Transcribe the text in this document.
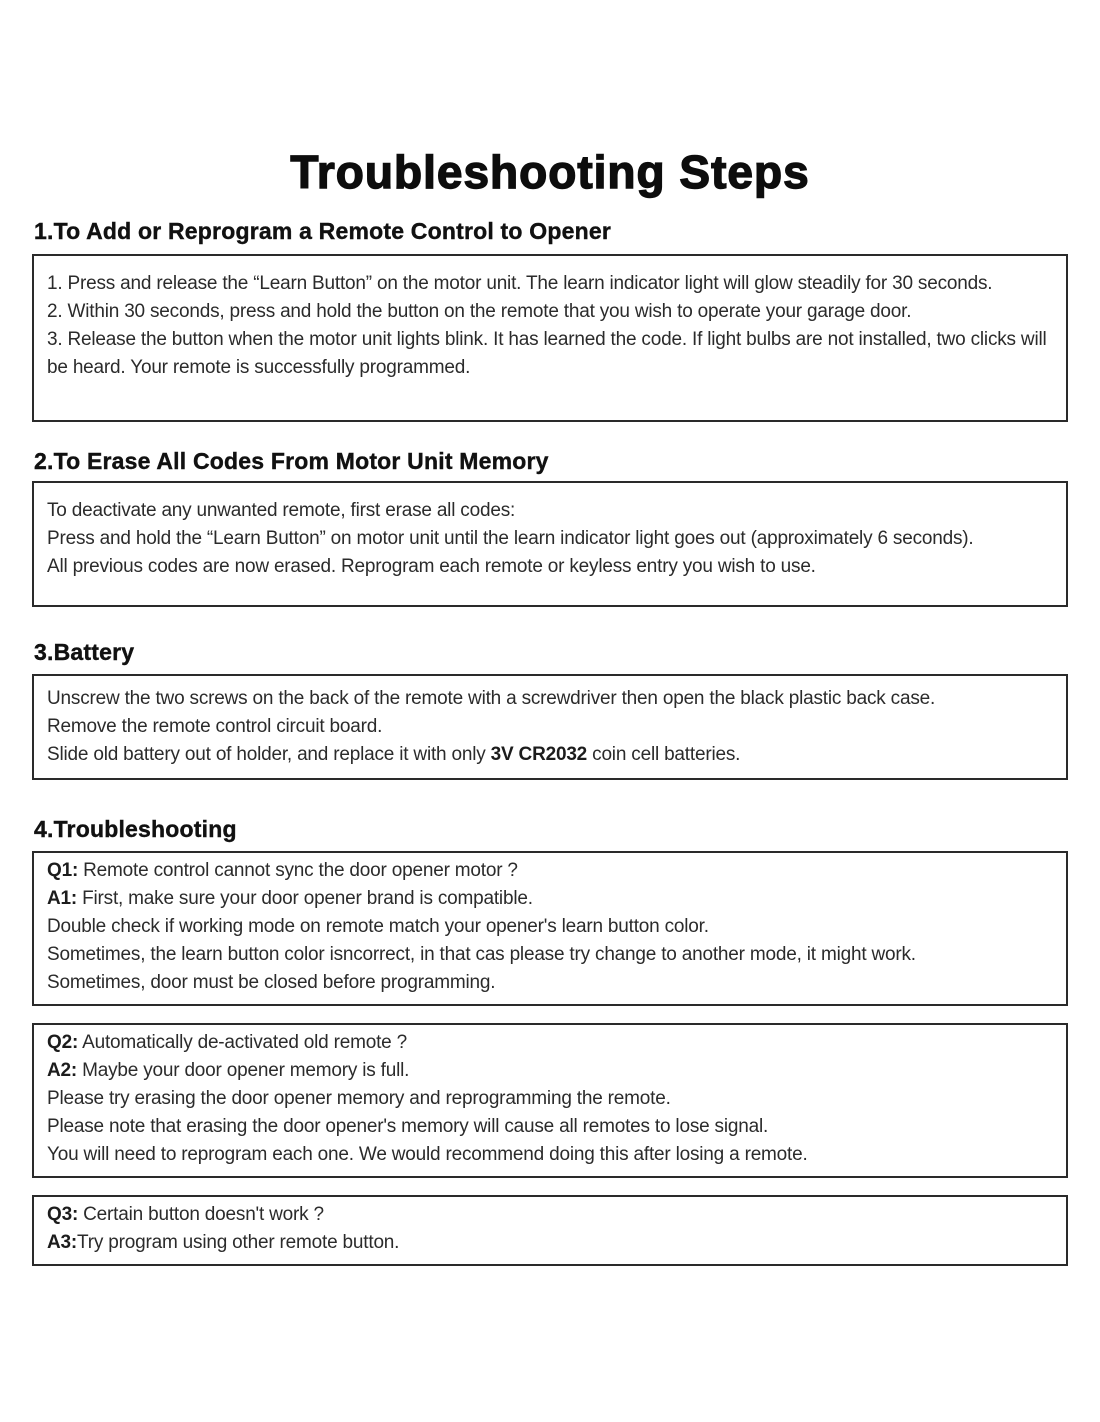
Troubleshooting Steps
1.To Add or Reprogram a Remote Control to Opener

1. Press and release the “Learn Button” on the motor unit. The learn indicator light will glow steadily for 30 seconds.

2. Within 30 seconds, press and hold the button on the remote that you wish to operate your garage door.

3. Release the button when the motor unit lights blink. It has learned the code. If light bulbs are not installed, two clicks will be heard. Your remote is successfully programmed.

2.To Erase All Codes From Motor Unit Memory

To deactivate any unwanted remote, first erase all codes:

Press and hold the “Learn Button” on motor unit until the learn indicator light goes out (approximately 6 seconds).

All previous codes are now erased. Reprogram each remote or keyless entry you wish to use.

3.Battery

Unscrew the two screws on the back of the remote with a screwdriver then open the black plastic back case.

Remove the remote control circuit board.

Slide old battery out of holder, and replace it with only 3V CR2032 coin cell batteries.

4.Troubleshooting

Q1: Remote control cannot sync the door opener motor ?

A1: First, make sure your door opener brand is compatible.

Double check if working mode on remote match your opener's learn button color.

Sometimes, the learn button color isncorrect, in that cas please try change to another mode, it might work.

Sometimes, door must be closed before programming.

Q2: Automatically de-activated old remote ?

A2: Maybe your door opener memory is full.

Please try erasing the door opener memory and reprogramming the remote.

Please note that erasing the door opener's memory will cause all remotes to lose signal.

You will need to reprogram each one. We would recommend doing this after losing a remote.

Q3: Certain button doesn't work ?

A3:Try program using other remote button.
